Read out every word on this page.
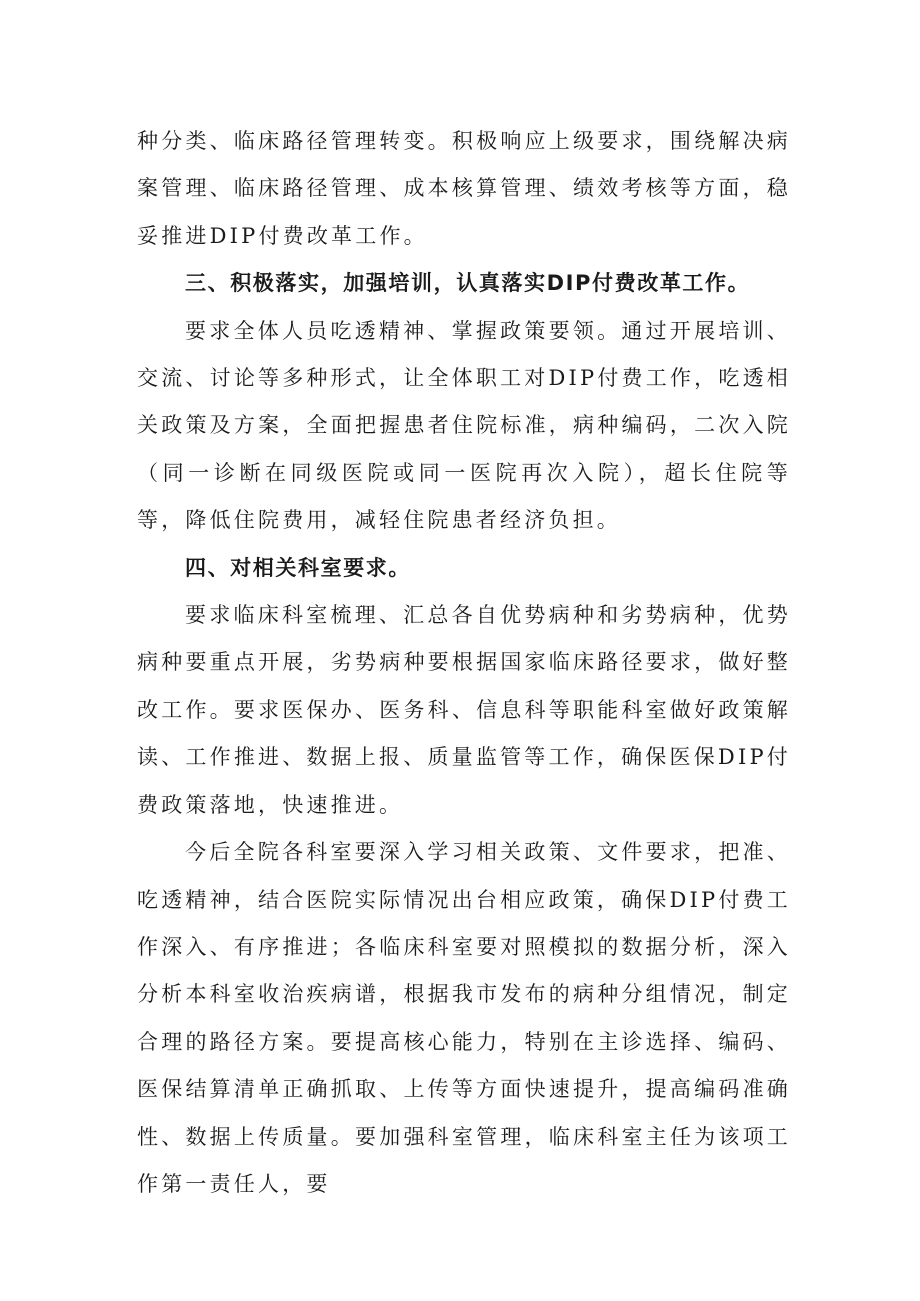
种分类、临床路径管理转变。积极响应上级要求，围绕解决病案管理、临床路径管理、成本核算管理、绩效考核等方面，稳妥推进DIP付费改革工作。

三、积极落实，加强培训，认真落实DIP付费改革工作。

要求全体人员吃透精神、掌握政策要领。通过开展培训、交流、讨论等多种形式，让全体职工对DIP付费工作，吃透相关政策及方案，全面把握患者住院标准，病种编码，二次入院（同一诊断在同级医院或同一医院再次入院），超长住院等等，降低住院费用，减轻住院患者经济负担。

四、对相关科室要求。

要求临床科室梳理、汇总各自优势病种和劣势病种，优势病种要重点开展，劣势病种要根据国家临床路径要求，做好整改工作。要求医保办、医务科、信息科等职能科室做好政策解读、工作推进、数据上报、质量监管等工作，确保医保DIP付费政策落地，快速推进。

今后全院各科室要深入学习相关政策、文件要求，把准、吃透精神，结合医院实际情况出台相应政策，确保DIP付费工作深入、有序推进；各临床科室要对照模拟的数据分析，深入分析本科室收治疾病谱，根据我市发布的病种分组情况，制定合理的路径方案。要提高核心能力，特别在主诊选择、编码、医保结算清单正确抓取、上传等方面快速提升，提高编码准确性、数据上传质量。要加强科室管理，临床科室主任为该项工作第一责任人，要
